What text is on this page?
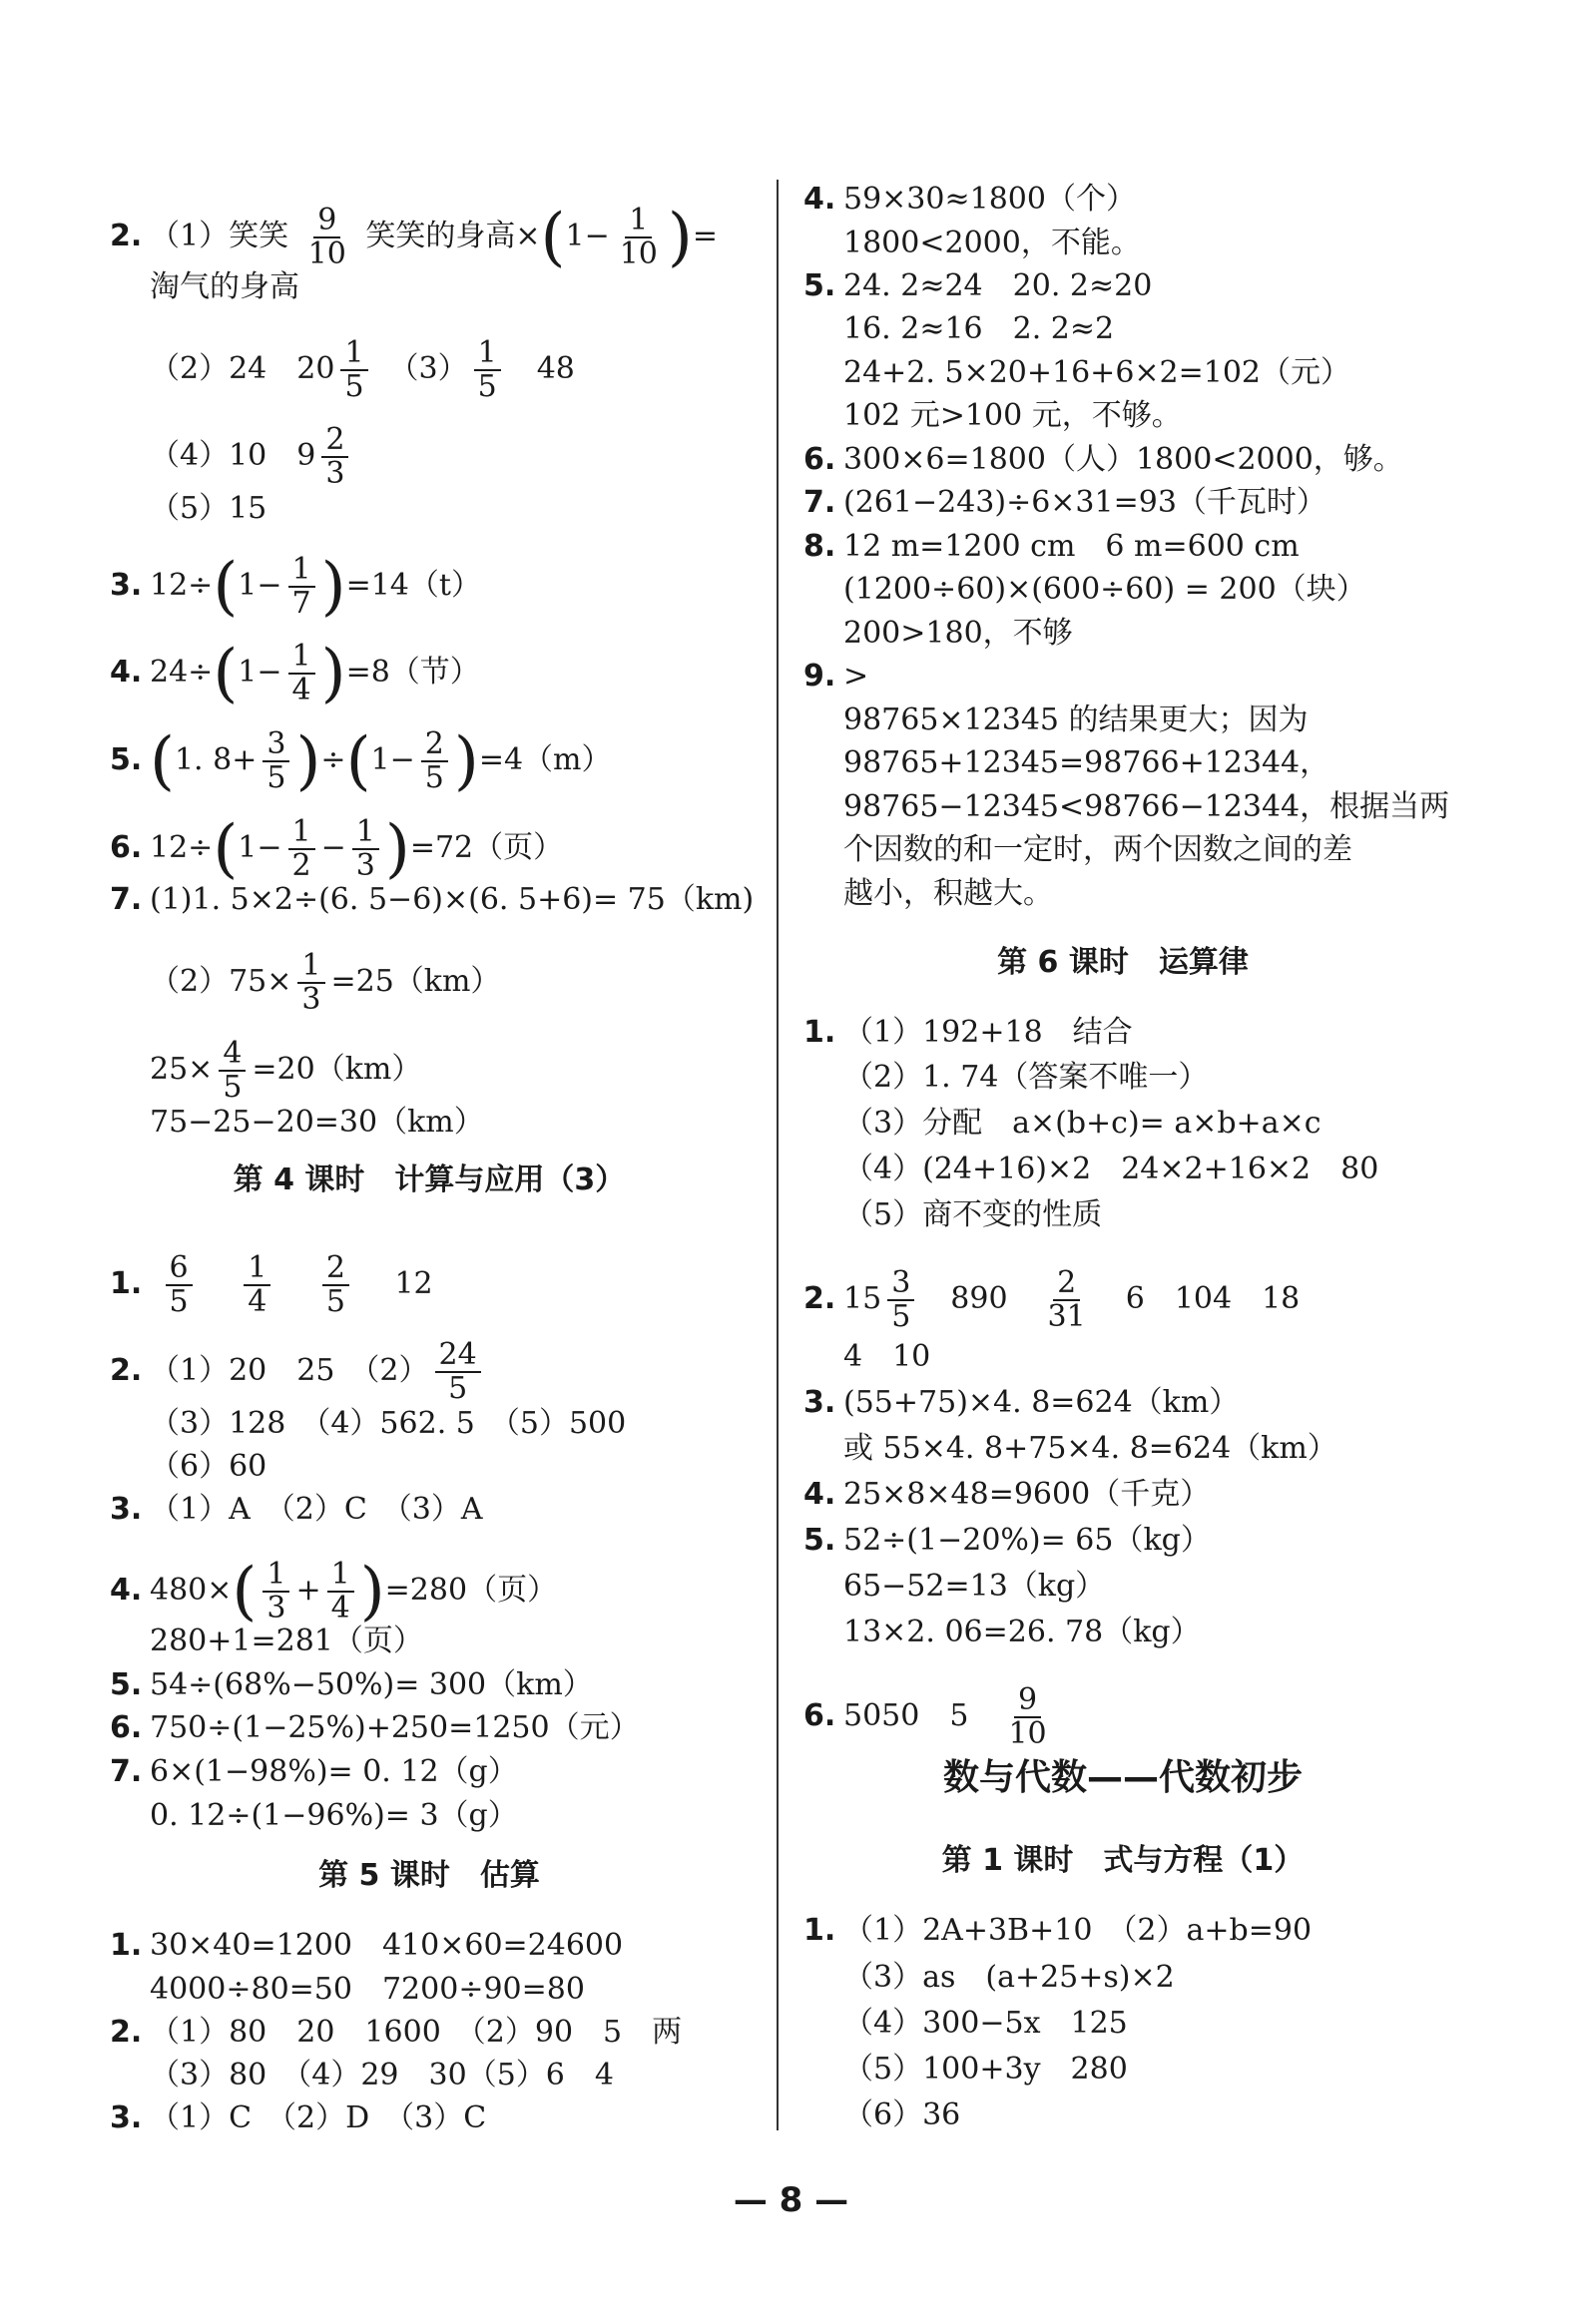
2. （1）笑笑 $\frac{9}{10}$ 笑笑的身高$\times(1- \frac{1}{10}$ )=
淘气的身高
（2）24　$20 \frac{1}{5}$
　 $(3) \frac{1}{5}$
　 48
（4）10　$9 \frac{2}{3}$
（5）15
3. $12\div(1- \frac{1}{7} )=14(t)$
4. $24\div(1- \frac{1}{4} )=8$（节）
5. (1. $8+ \frac{3}{5} )\div(1- \frac{2}{5} )=4(m)$
6. $12\div(1- \frac{1}{2} - \frac{1}{3} )=72$（页）
7. (1)1. 5×2÷(6. 5−6)×(6. 5+6)= 75（km)
$(2)75\times \frac{1}{3} =25(km)$
$25\times \frac{4}{5} =20(km)$
75−25−20=30（km）
第 4 课时　计算与应用（3）
1. $\frac{6}{5}$
　 $\frac{1}{4}$
　 $\frac{2}{5}$
　 12
2. （1）20　25　$(2) \frac{24}{5}$
（3）128　（4）562. 5　（5）500
（6）60
3. （1）A　（2）C　（3）A
4. $480\times( \frac{1}{3} + \frac{1}{4} )=280$（页）
280+1=281（页）
5. 54÷(68%−50%)= 300（km）
6. 750÷(1−25%)+250=1250（元）
7. 6×(1−98%)= 0. 12（g）
0. 12÷(1−96%)= 3（g）
第 5 课时　估算
1. 30×40=1200　410×60=24600
4000÷80=50　7200÷90=80
2. （1）80　20　1600　（2）90　5　两
（3）80　（4）29　30（5）6　4
3. （1）C　（2）D　（3）C
4. 59×30≈1800（个）
1800<2000，不能。
5. 24. 2≈24　20. 2≈20
16. 2≈16　2. 2≈2
24+2. 5×20+16+6×2=102（元）
102 元>100 元，不够。
6. 300×6=1800（人）1800<2000，够。
7. (261−243)÷6×31=93（千瓦时）
8. 12 m=1200 cm　6 m=600 cm
(1200÷60)×(600÷60) = 200（块）
200>180，不够
9. >
98765×12345 的结果更大；因为
98765+12345=98766+12344，
98765−12345<98766−12344，根据当两
个因数的和一定时，两个因数之间的差
越小，积越大。
第 6 课时　运算律
1. （1）192+18　结合
（2）1. 74（答案不唯一）
（3）分配　a×(b+c)= a×b+a×c
（4）(24+16)×2　24×2+16×2　80
（5）商不变的性质
2. $15 \frac{3}{5}$
　 890　 $\frac{2}{31}$
　 6　104　18
4　10
3. (55+75)×4. 8=624（km）
或 55×4. 8+75×4. 8=624（km）
4. 25×8×48=9600（千克）
5. 52÷(1−20%)= 65（kg）
65−52=13（kg）
13×2. 06=26. 78（kg）
6. 5050　5　 $\frac{9}{10}$
数与代数——代数初步
第 1 课时　式与方程（1）
1. （1）2A+3B+10　（2）a+b=90
（3）as　(a+25+s)×2
（4）300−5x　125
（5）100+3y　280
（6）36
— 8 —
